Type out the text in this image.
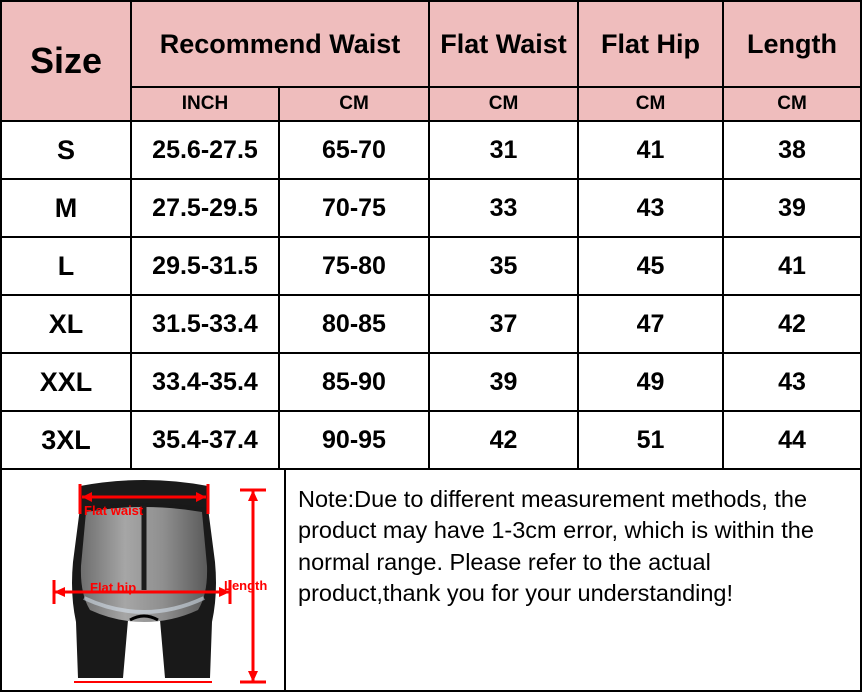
Size	Recommend Waist		Flat Waist	Flat Hip	Length
	INCH	CM	CM	CM	CM
S	25.6-27.5	65-70	31	41	38
M	27.5-29.5	70-75	33	43	39
L	29.5-31.5	75-80	35	45	41
XL	31.5-33.4	80-85	37	47	42
XXL	33.4-35.4	85-90	39	49	43
3XL	35.4-37.4	90-95	42	51	44
Flat waist
Flat hip	Length
Note:Due to different measurement methods, the product may have 1-3cm error, which is within the normal range. Please refer to the actual product,thank you for your understanding!
